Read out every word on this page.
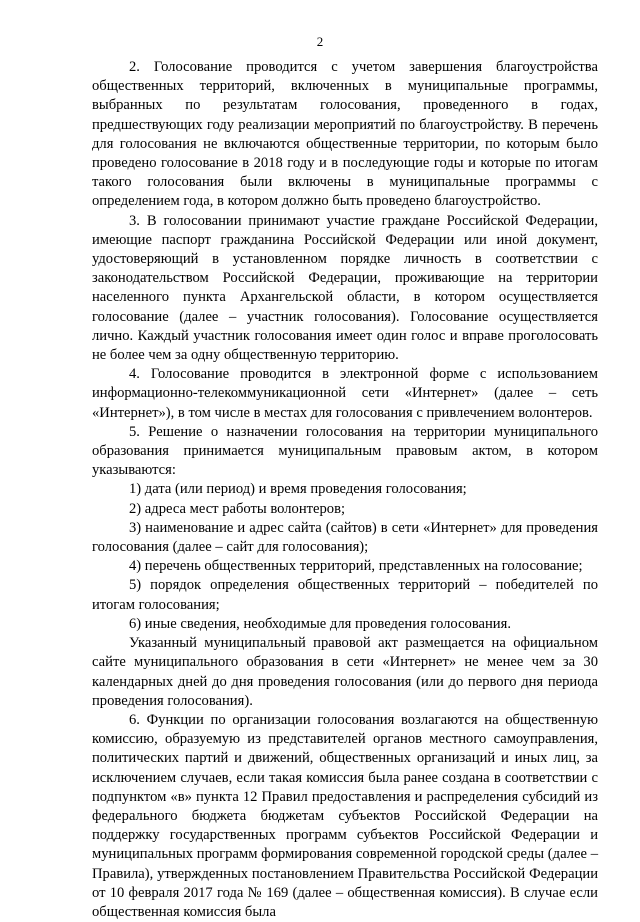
2

2. Голосование проводится с учетом завершения благоустройства общественных территорий, включенных в муниципальные программы, выбранных по результатам голосования, проведенного в годах, предшествующих году реализации мероприятий по благоустройству. В перечень для голосования не включаются общественные территории, по которым было проведено голосование в 2018 году и в последующие годы и которые по итогам такого голосования были включены в муниципальные программы с определением года, в котором должно быть проведено благоустройство.

3. В голосовании принимают участие граждане Российской Федерации, имеющие паспорт гражданина Российской Федерации или иной документ, удостоверяющий в установленном порядке личность в соответствии с законодательством Российской Федерации, проживающие на территории населенного пункта Архангельской области, в котором осуществляется голосование (далее – участник голосования). Голосование осуществляется лично. Каждый участник голосования имеет один голос и вправе проголосовать не более чем за одну общественную территорию.

4. Голосование проводится в электронной форме с использованием информационно-телекоммуникационной сети «Интернет» (далее – сеть «Интернет»), в том числе в местах для голосования с привлечением волонтеров.

5. Решение о назначении голосования на территории муниципального образования принимается муниципальным правовым актом, в котором указываются:

1) дата (или период) и время проведения голосования;

2) адреса мест работы волонтеров;

3) наименование и адрес сайта (сайтов) в сети «Интернет» для проведения голосования (далее – сайт для голосования);

4) перечень общественных территорий, представленных на голосование;

5) порядок определения общественных территорий – победителей по итогам голосования;

6) иные сведения, необходимые для проведения голосования.

Указанный муниципальный правовой акт размещается на официальном сайте муниципального образования в сети «Интернет» не менее чем за 30 календарных дней до дня проведения голосования (или до первого дня периода проведения голосования).

6. Функции по организации голосования возлагаются на общественную комиссию, образуемую из представителей органов местного самоуправления, политических партий и движений, общественных организаций и иных лиц, за исключением случаев, если такая комиссия была ранее создана в соответствии с подпунктом «в» пункта 12 Правил предоставления и распределения субсидий из федерального бюджета бюджетам субъектов Российской Федерации на поддержку государственных программ субъектов Российской Федерации и муниципальных программ формирования современной городской среды (далее – Правила), утвержденных постановлением Правительства Российской Федерации от 10 февраля 2017 года № 169 (далее – общественная комиссия). В случае если общественная комиссия была
